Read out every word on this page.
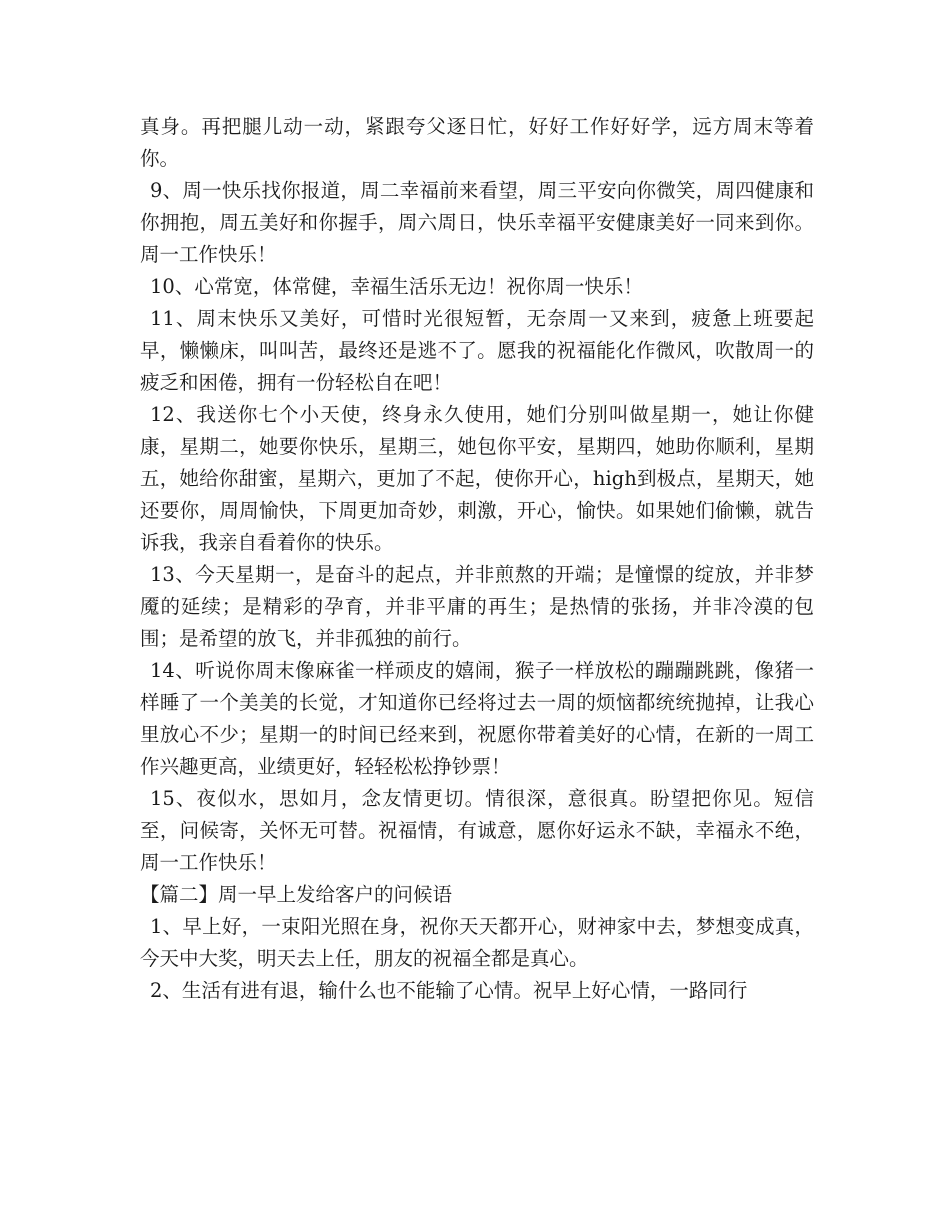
真身。再把腿儿动一动，紧跟夸父逐日忙，好好工作好好学，远方周末等着你。

9、周一快乐找你报道，周二幸福前来看望，周三平安向你微笑，周四健康和你拥抱，周五美好和你握手，周六周日，快乐幸福平安健康美好一同来到你。周一工作快乐！

10、心常宽，体常健，幸福生活乐无边！祝你周一快乐！

11、周末快乐又美好，可惜时光很短暂，无奈周一又来到，疲惫上班要起早，懒懒床，叫叫苦，最终还是逃不了。愿我的祝福能化作微风，吹散周一的疲乏和困倦，拥有一份轻松自在吧！

12、我送你七个小天使，终身永久使用，她们分别叫做星期一，她让你健康，星期二，她要你快乐，星期三，她包你平安，星期四，她助你顺利，星期五，她给你甜蜜，星期六，更加了不起，使你开心，high到极点，星期天，她还要你，周周愉快，下周更加奇妙，刺激，开心，愉快。如果她们偷懒，就告诉我，我亲自看着你的快乐。

13、今天星期一，是奋斗的起点，并非煎熬的开端；是憧憬的绽放，并非梦魇的延续；是精彩的孕育，并非平庸的再生；是热情的张扬，并非冷漠的包围；是希望的放飞，并非孤独的前行。

14、听说你周末像麻雀一样顽皮的嬉闹，猴子一样放松的蹦蹦跳跳，像猪一样睡了一个美美的长觉，才知道你已经将过去一周的烦恼都统统抛掉，让我心里放心不少；星期一的时间已经来到，祝愿你带着美好的心情，在新的一周工作兴趣更高，业绩更好，轻轻松松挣钞票！

15、夜似水，思如月，念友情更切。情很深，意很真。盼望把你见。短信至，问候寄，关怀无可替。祝福情，有诚意，愿你好运永不缺，幸福永不绝，周一工作快乐！

【篇二】周一早上发给客户的问候语

1、早上好，一束阳光照在身，祝你天天都开心，财神家中去，梦想变成真，今天中大奖，明天去上任，朋友的祝福全都是真心。

2、生活有进有退，输什么也不能输了心情。祝早上好心情，一路同行
